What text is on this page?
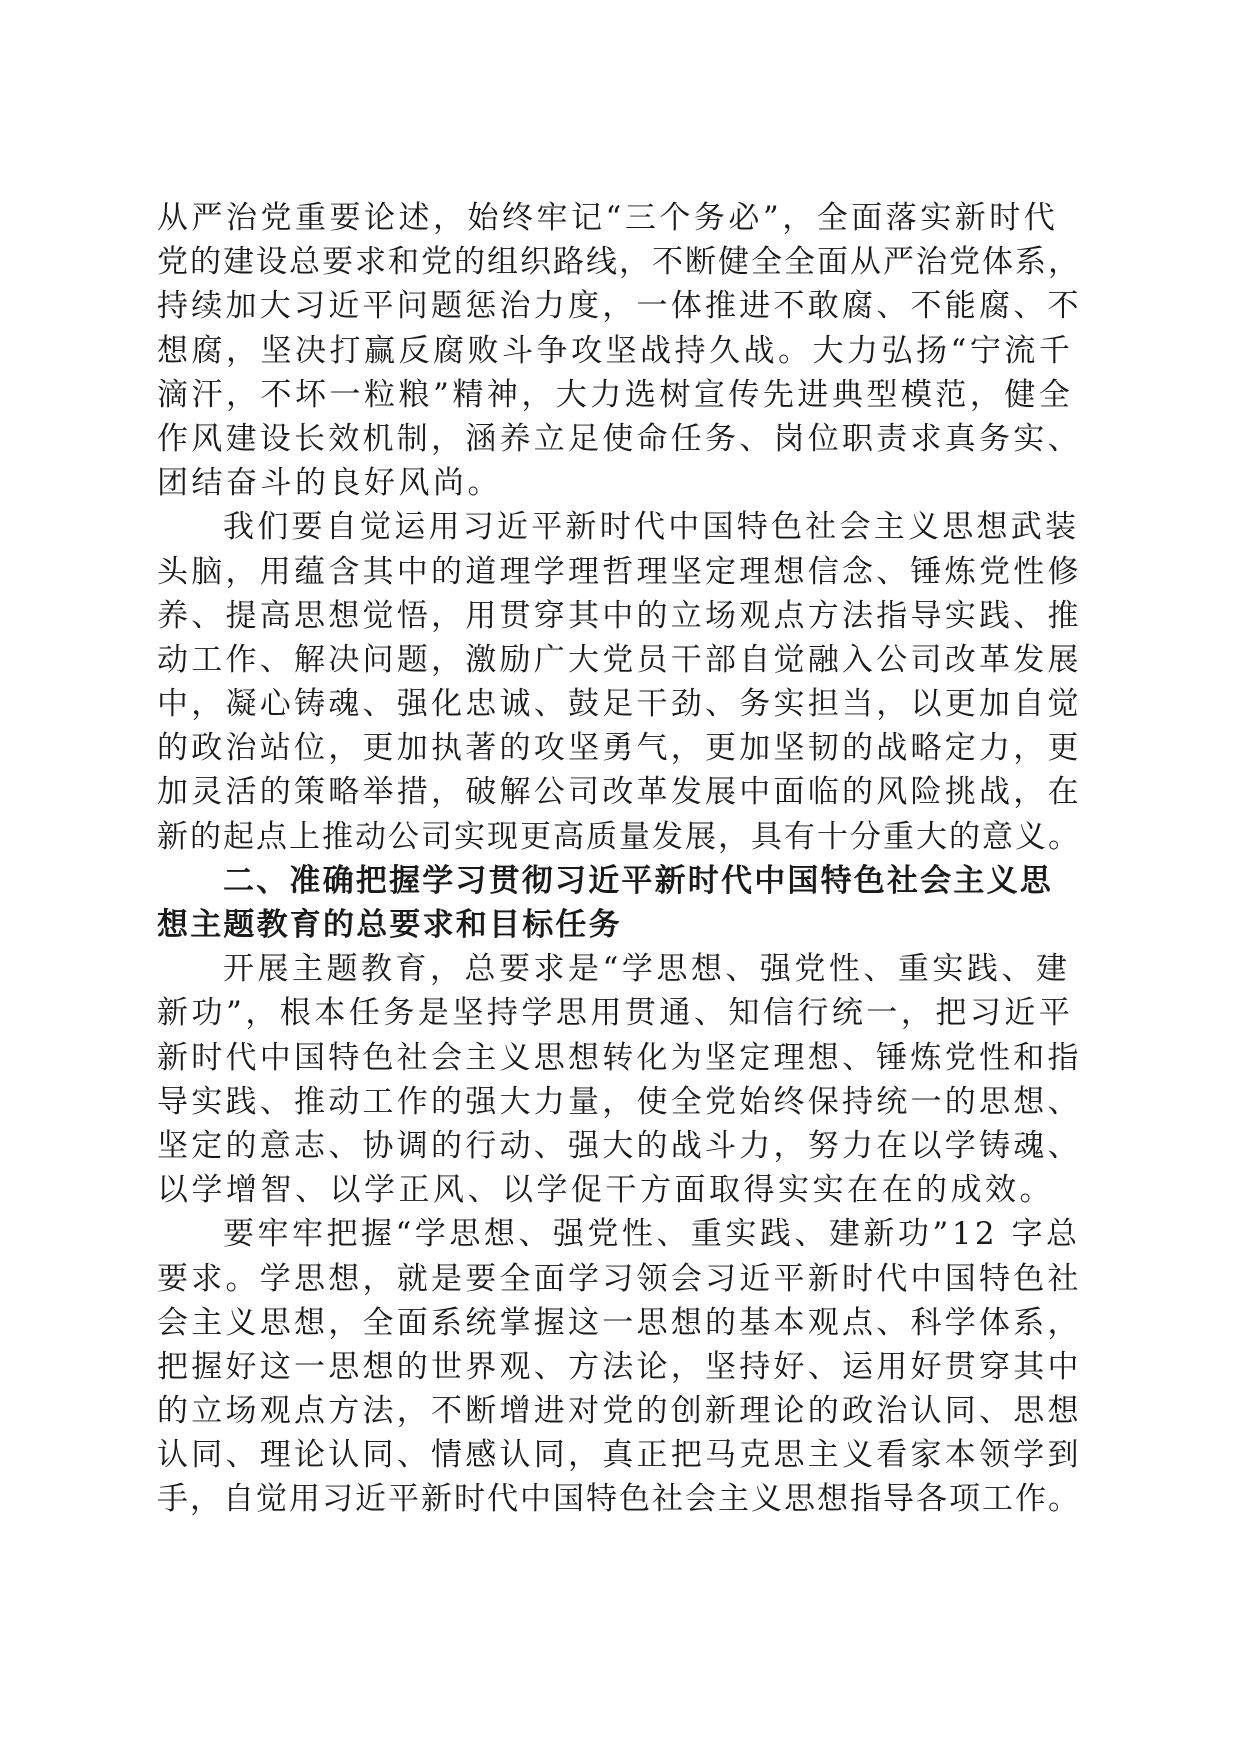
从严治党重要论述，始终牢记“三个务必”，全面落实新时代
党的建设总要求和党的组织路线，不断健全全面从严治党体系，
持续加大习近平问题惩治力度，一体推进不敢腐、不能腐、不
想腐，坚决打赢反腐败斗争攻坚战持久战。大力弘扬“宁流千
滴汗，不坏一粒粮”精神，大力选树宣传先进典型模范，健全
作风建设长效机制，涵养立足使命任务、岗位职责求真务实、
团结奋斗的良好风尚。
我们要自觉运用习近平新时代中国特色社会主义思想武装
头脑，用蕴含其中的道理学理哲理坚定理想信念、锤炼党性修
养、提高思想觉悟，用贯穿其中的立场观点方法指导实践、推
动工作、解决问题，激励广大党员干部自觉融入公司改革发展
中，凝心铸魂、强化忠诚、鼓足干劲、务实担当，以更加自觉
的政治站位，更加执著的攻坚勇气，更加坚韧的战略定力，更
加灵活的策略举措，破解公司改革发展中面临的风险挑战，在
新的起点上推动公司实现更高质量发展，具有十分重大的意义。
二、准确把握学习贯彻习近平新时代中国特色社会主义思
想主题教育的总要求和目标任务
开展主题教育，总要求是“学思想、强党性、重实践、建
新功”，根本任务是坚持学思用贯通、知信行统一，把习近平
新时代中国特色社会主义思想转化为坚定理想、锤炼党性和指
导实践、推动工作的强大力量，使全党始终保持统一的思想、
坚定的意志、协调的行动、强大的战斗力，努力在以学铸魂、
以学增智、以学正风、以学促干方面取得实实在在的成效。
要牢牢把握“学思想、强党性、重实践、建新功”12 字总
要求。学思想，就是要全面学习领会习近平新时代中国特色社
会主义思想，全面系统掌握这一思想的基本观点、科学体系，
把握好这一思想的世界观、方法论，坚持好、运用好贯穿其中
的立场观点方法，不断增进对党的创新理论的政治认同、思想
认同、理论认同、情感认同，真正把马克思主义看家本领学到
手，自觉用习近平新时代中国特色社会主义思想指导各项工作。
